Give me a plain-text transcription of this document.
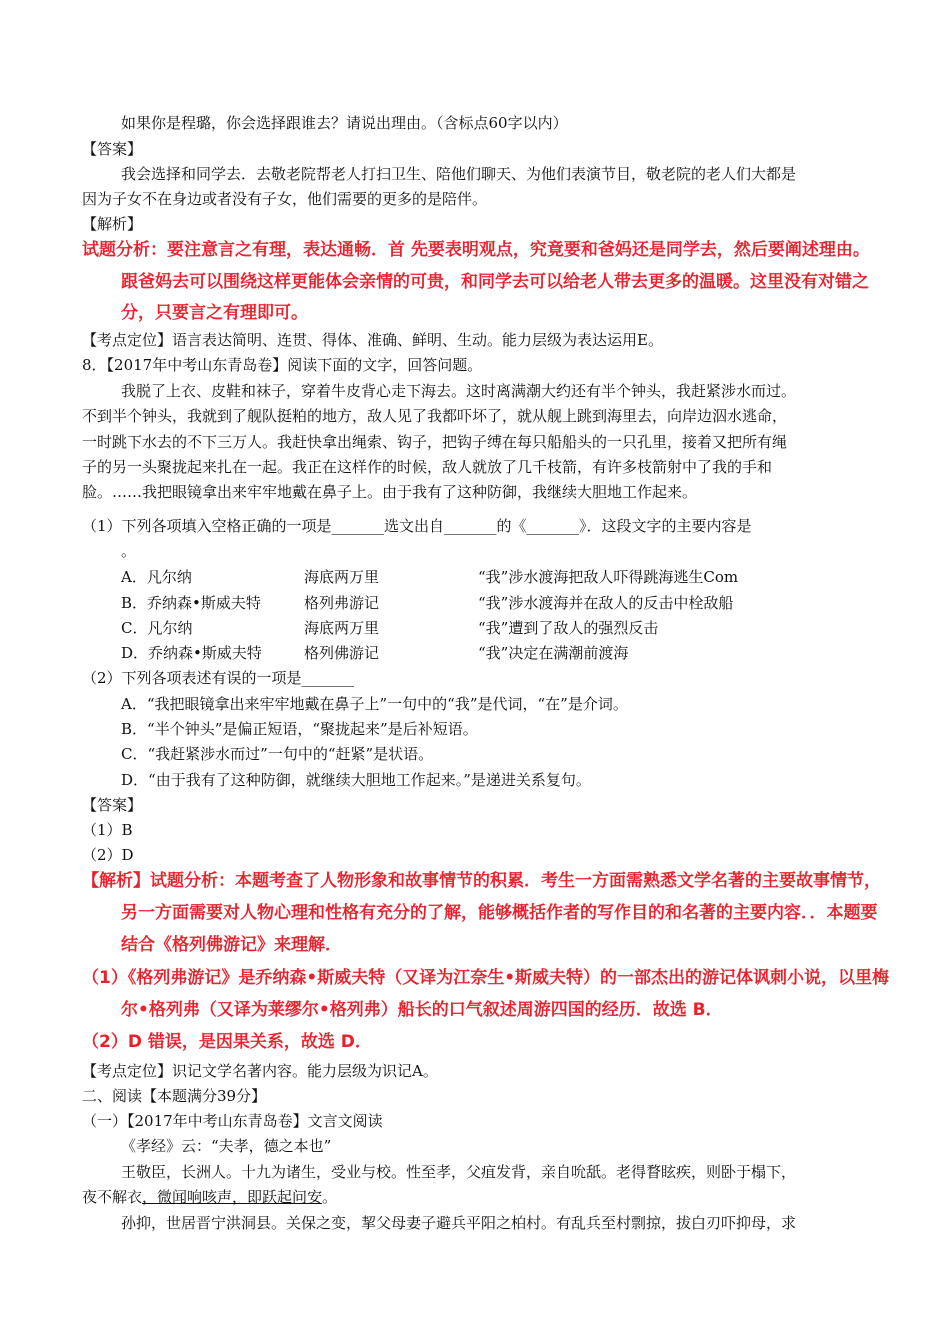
如果你是程璐，你会选择跟谁去？请说出理由。（含标点60字以内）
【答案】
我会选择和同学去．去敬老院帮老人打扫卫生、陪他们聊天、为他们表演节目，敬老院的老人们大都是
因为子女不在身边或者没有子女，他们需要的更多的是陪伴。
【解析】
试题分析：要注意言之有理，表达通畅．首 先要表明观点，究竟要和爸妈还是同学去，然后要阐述理由。
跟爸妈去可以围绕这样更能体会亲情的可贵，和同学去可以给老人带去更多的温暖。这里没有对错之
分，只要言之有理即可。
【考点定位】语言表达简明、连贯、得体、准确、鲜明、生动。能力层级为表达运用E。
8．【2017年中考山东青岛卷】阅读下面的文字，回答问题。
我脱了上衣、皮鞋和袜子，穿着牛皮背心走下海去。这时离满潮大约还有半个钟头，我赶紧涉水而过。
不到半个钟头，我就到了舰队挺粕的地方，敌人见了我都吓坏了，就从舰上跳到海里去，向岸边泅水逃命，
一时跳下水去的不下三万人。我赶快拿出绳索、钩子，把钩子缚在每只船船头的一只孔里，接着又把所有绳
子的另一头聚拢起来扎在一起。我正在这样作的时候，敌人就放了几千枝箭，有许多枝箭射中了我的手和
脸。……我把眼镜拿出来牢牢地戴在鼻子上。由于我有了这种防御，我继续大胆地工作起来。
（1）下列各项填入空格正确的一项是_______选文出自_______的《_______》．这段文字的主要内容是
。
A．凡尔纳	海底两万里	“我”涉水渡海把敌人吓得跳海逃生Com
B．乔纳森•斯威夫特	格列弗游记	“我”涉水渡海并在敌人的反击中栓敌船
C．凡尔纳	海底两万里	“我”遭到了敌人的强烈反击
D．乔纳森•斯威夫特	格列佛游记	“我”决定在满潮前渡海
（2）下列各项表述有误的一项是_______
A．“我把眼镜拿出来牢牢地戴在鼻子上”一句中的“我”是代词，“在”是介词。
B．“半个钟头”是偏正短语，“聚拢起来”是后补短语。
C．“我赶紧涉水而过”一句中的“赶紧”是状语。
D．“由于我有了这种防御，就继续大胆地工作起来。”是递进关系复句。
【答案】
（1）B
（2）D
【解析】试题分析：本题考查了人物形象和故事情节的积累．考生一方面需熟悉文学名著的主要故事情节，
另一方面需要对人物心理和性格有充分的了解，能够概括作者的写作目的和名著的主要内容．．本题要
结合《格列佛游记》来理解．
（1）《格列弗游记》是乔纳森•斯威夫特（又译为江奈生•斯威夫特）的一部杰出的游记体讽刺小说，以里梅
尔•格列弗（又译为莱缪尔•格列弗）船长的口气叙述周游四国的经历．故选 B．
（2）D 错误，是因果关系，故选 D．
【考点定位】识记文学名著内容。能力层级为识记A。
二、阅读【本题满分39分】
（一）【2017年中考山东青岛卷】文言文阅读
《孝经》云：“夫孝，德之本也”
王敬臣，长洲人。十九为诸生，受业与校。性至孝，父疽发背，亲自吮舐。老得瞀眩疾，则卧于榻下，
夜不解衣，微闻响咳声，即跃起问安。
孙抑，世居晋宁洪洞县。关保之变，挈父母妻子避兵平阳之柏村。有乱兵至村剽掠，拔白刃吓抑母，求
